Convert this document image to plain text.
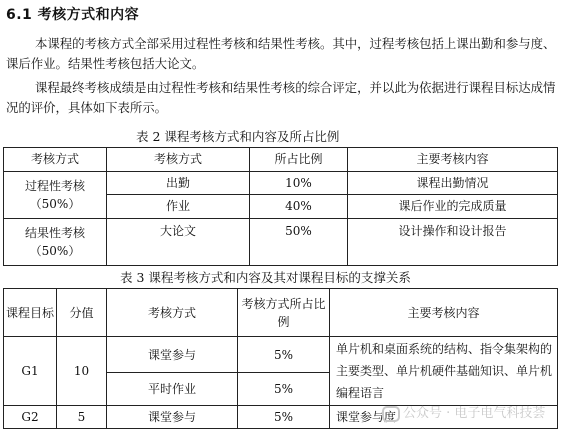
6.1 考核方式和内容

本课程的考核方式全部采用过程性考核和结果性考核。其中，过程考核包括上课出勤和参与度、课后作业。结果性考核包括大论文。

课程最终考核成绩是由过程性考核和结果性考核的综合评定，并以此为依据进行课程目标达成情况的评价，具体如下表所示。

表 2 课程考核方式和内容及所占比例
考核方式	考核方式	所占比例	主要考核内容

过程性考核
（50%）	出勤	10%	课程出勤情况
	作业	40%	课后作业的完成质量

结果性考核
（50%）	大论文	50%	设计操作和设计报告
表 3 课程考核方式和内容及其对课程目标的支撑关系
课程目标	分值	考核方式	考核方式所占比例	主要考核内容
G1	10	课堂参与	5%	单片机和桌面系统的结构、指令集架构的主要类型、单片机硬件基础知识、单片机编程语言
		平时作业	5%	
G2	5	课堂参与	5%	课堂参与度 公众号 · 电子电气科技荟
